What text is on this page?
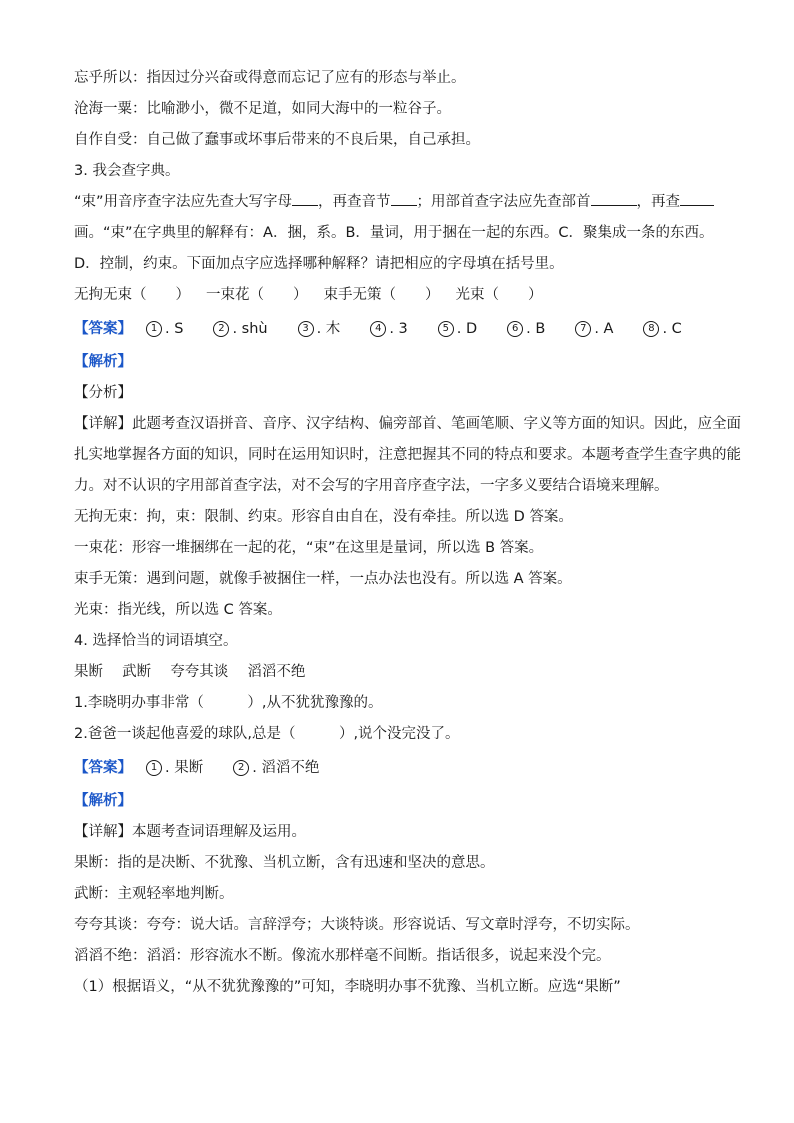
忘乎所以：指因过分兴奋或得意而忘记了应有的形态与举止。
沧海一粟：比喻渺小，微不足道，如同大海中的一粒谷子。
自作自受：自己做了蠢事或坏事后带来的不良后果，自己承担。
3. 我会查字典。
“束”用音序查字法应先查大写字母 ，再查音节 ；用部首查字法应先查部首	，再查
画。“束”在字典里的解释有：A．捆，系。B．量词，用于捆在一起的东西。C．聚集成一条的东西。
D．控制，约束。下面加点字应选择哪种解释？请把相应的字母填在括号里。
无拘无束（　　） 一束花（　　） 束手无策（　　） 光束（　　）
【答案】	1 . S	2 . shù	3 . 木	4 . 3	5 . D	6 . B	7 . A	8 . C
【解析】
【分析】
【详解】此题考查汉语拼音、音序、汉字结构、偏旁部首、笔画笔顺、字义等方面的知识。因此，应全面
扎实地掌握各方面的知识，同时在运用知识时，注意把握其不同的特点和要求。本题考查学生查字典的能
力。对不认识的字用部首查字法，对不会写的字用音序查字法，一字多义要结合语境来理解。
无拘无束：拘，束：限制、约束。形容自由自在，没有牵挂。所以选 D 答案。
一束花：形容一堆捆绑在一起的花，“束”在这里是量词，所以选 B 答案。
束手无策：遇到问题，就像手被捆住一样，一点办法也没有。所以选 A 答案。
光束：指光线，所以选 C 答案。
4. 选择恰当的词语填空。
果断　 武断　 夸夸其谈　 滔滔不绝
1.李晓明办事非常（　　　）,从不犹犹豫豫的。
2.爸爸一谈起他喜爱的球队,总是（　　　）,说个没完没了。
【答案】	1 . 果断	2 . 滔滔不绝
【解析】
【详解】本题考查词语理解及运用。
果断：指的是决断、不犹豫、当机立断，含有迅速和坚决的意思。
武断：主观轻率地判断。
夸夸其谈：夸夸：说大话。言辞浮夸；大谈特谈。形容说话、写文章时浮夸，不切实际。
滔滔不绝：滔滔：形容流水不断。像流水那样毫不间断。指话很多，说起来没个完。
（1）根据语义，“从不犹犹豫豫的”可知，李晓明办事不犹豫、当机立断。应选“果断”
